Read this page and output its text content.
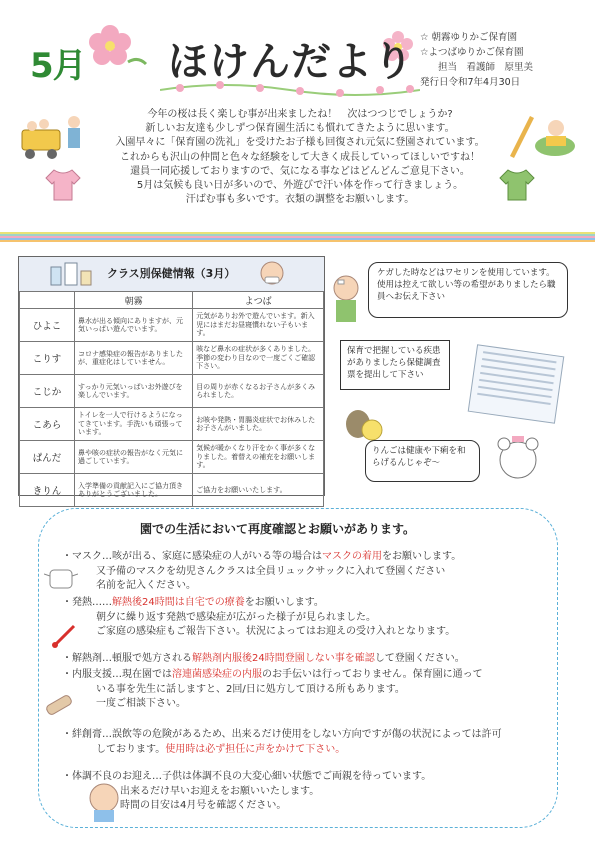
5月 ほけんだより
☆ 朝霧ゆりかご保育園
☆よつばゆりかご保育園
担当　看護師　原里美
発行日令和7年4月30日
今年の桜は長く楽しむ事が出来ましたね！　次はつつじでしょうか?
新しいお友達も少しずつ保育園生活にも慣れてきたように思います。
入園早々に「保育園の洗礼」を受けたお子様も回復され元気に登園されています。
これからも沢山の仲間と色々な経験をして大きく成長していってほしいですね！
還員一同応援しておりますので、気になる事などはどんどんご意見下さい。
5月は気候も良い日が多いので、外遊びで汗い体を作って行きましょう。
汗ばむ事も多いです。衣類の調整をお願いします。
クラス別保健情報（3月）
	朝霧	よつば
ひよこ	鼻水が出る傾向にありますが、元気いっぱい遊んでいます。	元気がありお外で遊んでいます。新入児にはまだお昼寝慣れない子もいます。
こりす	コロナ感染症の報告がありましたが、重症化はしていません。	咳など鼻水の症状が多くありました。季節の変わり目なので一度ごくご確認下さい。
こじか	すっかり元気いっぱいお外遊びを楽しんでいます。	目の周りが赤くなるお子さんが多くみられました。
こあら	トイレを一人で行けるようになってきています。手洗いも頑張っています。	お咳や発熱・胃腸炎症状でお休みしたお子さんがいました。
ぱんだ	鼻や咳の症状の報告がなく元気に過ごしています。	気候が暖かくなり汗をかく事が多くなりました。着替えの補充をお願いします。
きりん	入学準備の貢献記入にご協力頂きありがとうございました。	ご協力をお願いいたします。
ケガした時などはワセリンを使用しています。使用は控えて欲しい等の希望がありましたら職員へお伝え下さい
保育で把握している疾患がありましたら保健調査票を提出して下さい
りんごは健康や下痢を和らげるんじゃぞ～
園での生活において再度確認とお願いがあります。
・マスク…咳が出る、家庭に感染症の人がいる等の場合はマスクの着用をお願いします。
又予備のマスクを幼児さんクラスは全員リュックサックに入れて登園ください
名前を記入ください。
・発熱……解熱後24時間は自宅での療養をお願いします。
朝夕に繰り返す発熱で感染症が広がった様子が見られました。
ご家庭の感染症もご報告下さい。状況によってはお迎えの受け入れとなります。
・解熱剤…頓服で処方される解熱剤内服後24時間登園しない事を確認して登園ください。
・内服支援…現在園では溶連菌感染症の内服のお手伝いは行っておりません。保育園に通って
いる事を先生に話しますと、2回/日に処方して頂ける所もあります。
一度ご相談下さい。
・絆創膏…誤飲等の危険があるため、出来るだけ使用をしない方向ですが傷の状況によっては許可
しております。使用時は必ず担任に声をかけて下さい。
・体調不良のお迎え…子供は体調不良の大変心細い状態でご両親を待っています。
出来るだけ早いお迎えをお願いいたします。
時間の目安は4月号を確認ください。
